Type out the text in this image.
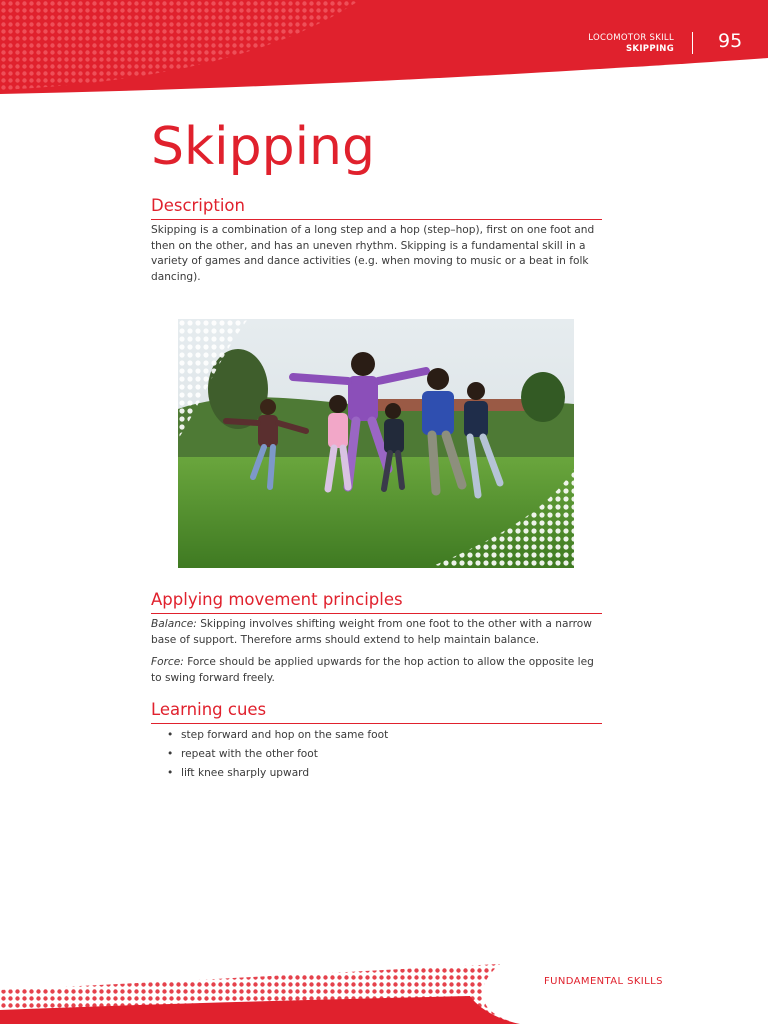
LOCOMOTOR SKILL
SKIPPING 95
Skipping
Description

Skipping is a combination of a long step and a hop (step–hop), first on one foot and then on the other, and has an uneven rhythm. Skipping is a fundamental skill in a variety of games and dance activities (e.g. when moving to music or a beat in folk dancing).

Applying movement principles

Balance: Skipping involves shifting weight from one foot to the other with a narrow base of support. Therefore arms should extend to help maintain balance.

Force: Force should be applied upwards for the hop action to allow the opposite leg to swing forward freely.

Learning cues
• step forward and hop on the same foot
• repeat with the other foot
• lift knee sharply upward
FUNDAMENTAL SKILLS
